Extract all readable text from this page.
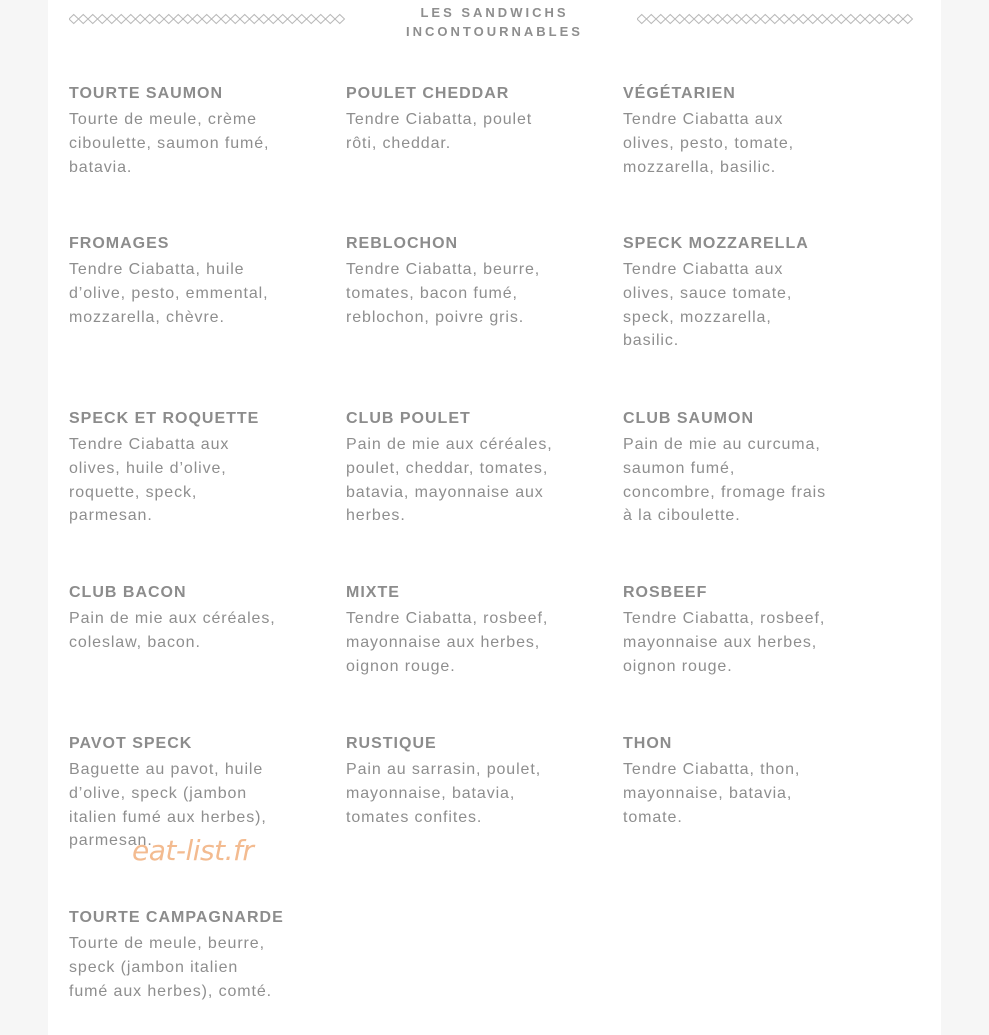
LES SANDWICHS
INCONTOURNABLES
TOURTE SAUMON
Tourte de meule, crème ciboulette, saumon fumé, batavia.
POULET CHEDDAR
Tendre Ciabatta, poulet rôti, cheddar.
VÉGÉTARIEN
Tendre Ciabatta aux olives, pesto, tomate, mozzarella, basilic.
FROMAGES
Tendre Ciabatta, huile d’olive, pesto, emmental, mozzarella, chèvre.
REBLOCHON
Tendre Ciabatta, beurre, tomates, bacon fumé, reblochon, poivre gris.
SPECK MOZZARELLA
Tendre Ciabatta aux olives, sauce tomate, speck, mozzarella, basilic.
SPECK ET ROQUETTE
Tendre Ciabatta aux olives, huile d’olive, roquette, speck, parmesan.
CLUB POULET
Pain de mie aux céréales, poulet, cheddar, tomates, batavia, mayonnaise aux herbes.
CLUB SAUMON
Pain de mie au curcuma, saumon fumé, concombre, fromage frais à la ciboulette.
CLUB BACON
Pain de mie aux céréales, coleslaw, bacon.
MIXTE
Tendre Ciabatta, rosbeef, mayonnaise aux herbes, oignon rouge.
ROSBEEF
Tendre Ciabatta, rosbeef, mayonnaise aux herbes, oignon rouge.
PAVOT SPECK
Baguette au pavot, huile d’olive, speck (jambon italien fumé aux herbes), parmesan.
RUSTIQUE
Pain au sarrasin, poulet, mayonnaise, batavia, tomates confites.
THON
Tendre Ciabatta, thon, mayonnaise, batavia, tomate.
TOURTE CAMPAGNARDE
Tourte de meule, beurre, speck (jambon italien fumé aux herbes), comté.
eat-list.fr
